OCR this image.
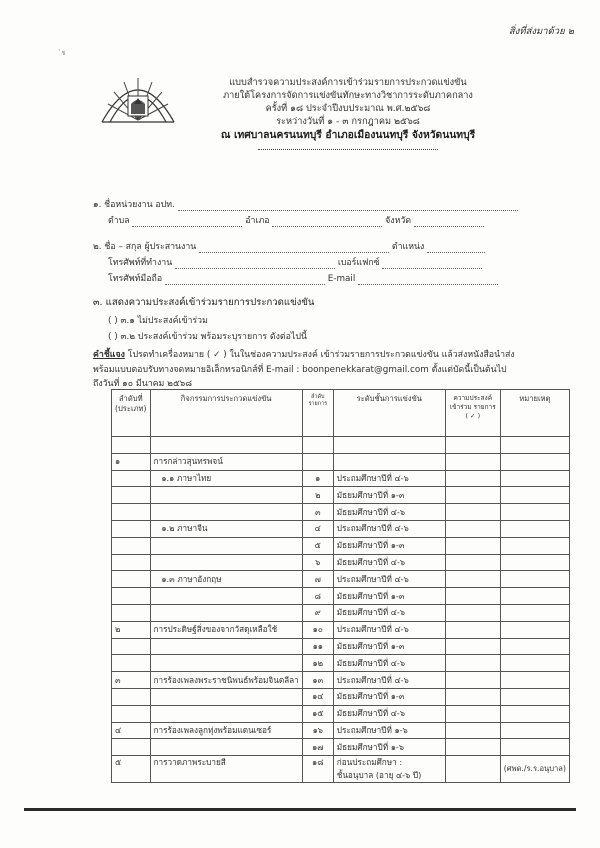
`ร
สิ่งที่ส่งมาด้วย ๒
แบบสำรวจความประสงค์การเข้าร่วมรายการประกวดแข่งขัน
ภายใต้โครงการจัดการแข่งขันทักษะทางวิชาการระดับภาคกลาง
ครั้งที่ ๑๘ ประจำปีงบประมาณ พ.ศ.๒๕๖๘
ระหว่างวันที่ ๑ - ๓ กรกฎาคม ๒๕๖๘
ณ เทศบาลนครนนทบุรี อำเภอเมืองนนทบุรี จังหวัดนนทบุรี
๑. ชื่อหน่วยงาน อปท.
ตำบล	อำเภอ	จังหวัด
๒. ชื่อ – สกุล ผู้ประสานงาน	ตำแหน่ง
โทรศัพท์ที่ทำงาน	เบอร์แฟกซ์
โทรศัพท์มือถือ	E-mail
๓. แสดงความประสงค์เข้าร่วมรายการประกวดแข่งขัน
( ) ๓.๑ ไม่ประสงค์เข้าร่วม
( ) ๓.๒ ประสงค์เข้าร่วม พร้อมระบุรายการ ดังต่อไปนี้
คำชี้แจง โปรดทำเครื่องหมาย ( ✓ ) ในในช่องความประสงค์ เข้าร่วมรายการประกวดแข่งขัน แล้วส่งหนังสือนำส่ง
พร้อมแบบตอบรับทางจดหมายอิเล็กทรอนิกส์ที่ E-mail : boonpenekkarat@gmail.com ตั้งแต่บัดนี้เป็นต้นไป
ถึงวันที่ ๑๐ มีนาคม ๒๕๖๘
ลำดับที่ (ประเภท)	กิจกรรมการประกวดแข่งขัน	ลำดับรายการ	ระดับชั้นการแข่งขัน	ความประสงค์ เข้าร่วม รายการ ( ✓ )	หมายเหตุ

๑	การกล่าวสุนทรพจน์				
	๑.๑ ภาษาไทย	๑	ประถมศึกษาปีที่ ๔-๖		
		๒	มัธยมศึกษาปีที่ ๑-๓		
		๓	มัธยมศึกษาปีที่ ๔-๖		
	๑.๒ ภาษาจีน	๔	ประถมศึกษาปีที่ ๔-๖		
		๕	มัธยมศึกษาปีที่ ๑-๓		
		๖	มัธยมศึกษาปีที่ ๔-๖		
	๑.๓ ภาษาอังกฤษ	๗	ประถมศึกษาปีที่ ๔-๖		
		๘	มัธยมศึกษาปีที่ ๑-๓		
		๙	มัธยมศึกษาปีที่ ๔-๖		
๒	การประดิษฐ์สิ่งของจากวัสดุเหลือใช้	๑๐	ประถมศึกษาปีที่ ๔-๖		
		๑๑	มัธยมศึกษาปีที่ ๑-๓		
		๑๒	มัธยมศึกษาปีที่ ๔-๖		
๓	การร้องเพลงพระราชนิพนธ์พร้อมจินตลีลา	๑๓	ประถมศึกษาปีที่ ๔-๖		
		๑๔	มัธยมศึกษาปีที่ ๑-๓		
		๑๕	มัธยมศึกษาปีที่ ๔-๖		
๔	การร้องเพลงลูกทุ่งพร้อมแดนเซอร์	๑๖	ประถมศึกษาปีที่ ๑-๖		
		๑๗	มัธยมศึกษาปีที่ ๑-๖		
๕	การวาดภาพระบายสี	๑๘	ก่อนประถมศึกษา :
ชั้นอนุบาล (อายุ ๔-๖ ปี)		(ศพด./ร.ร.อนุบาล)
